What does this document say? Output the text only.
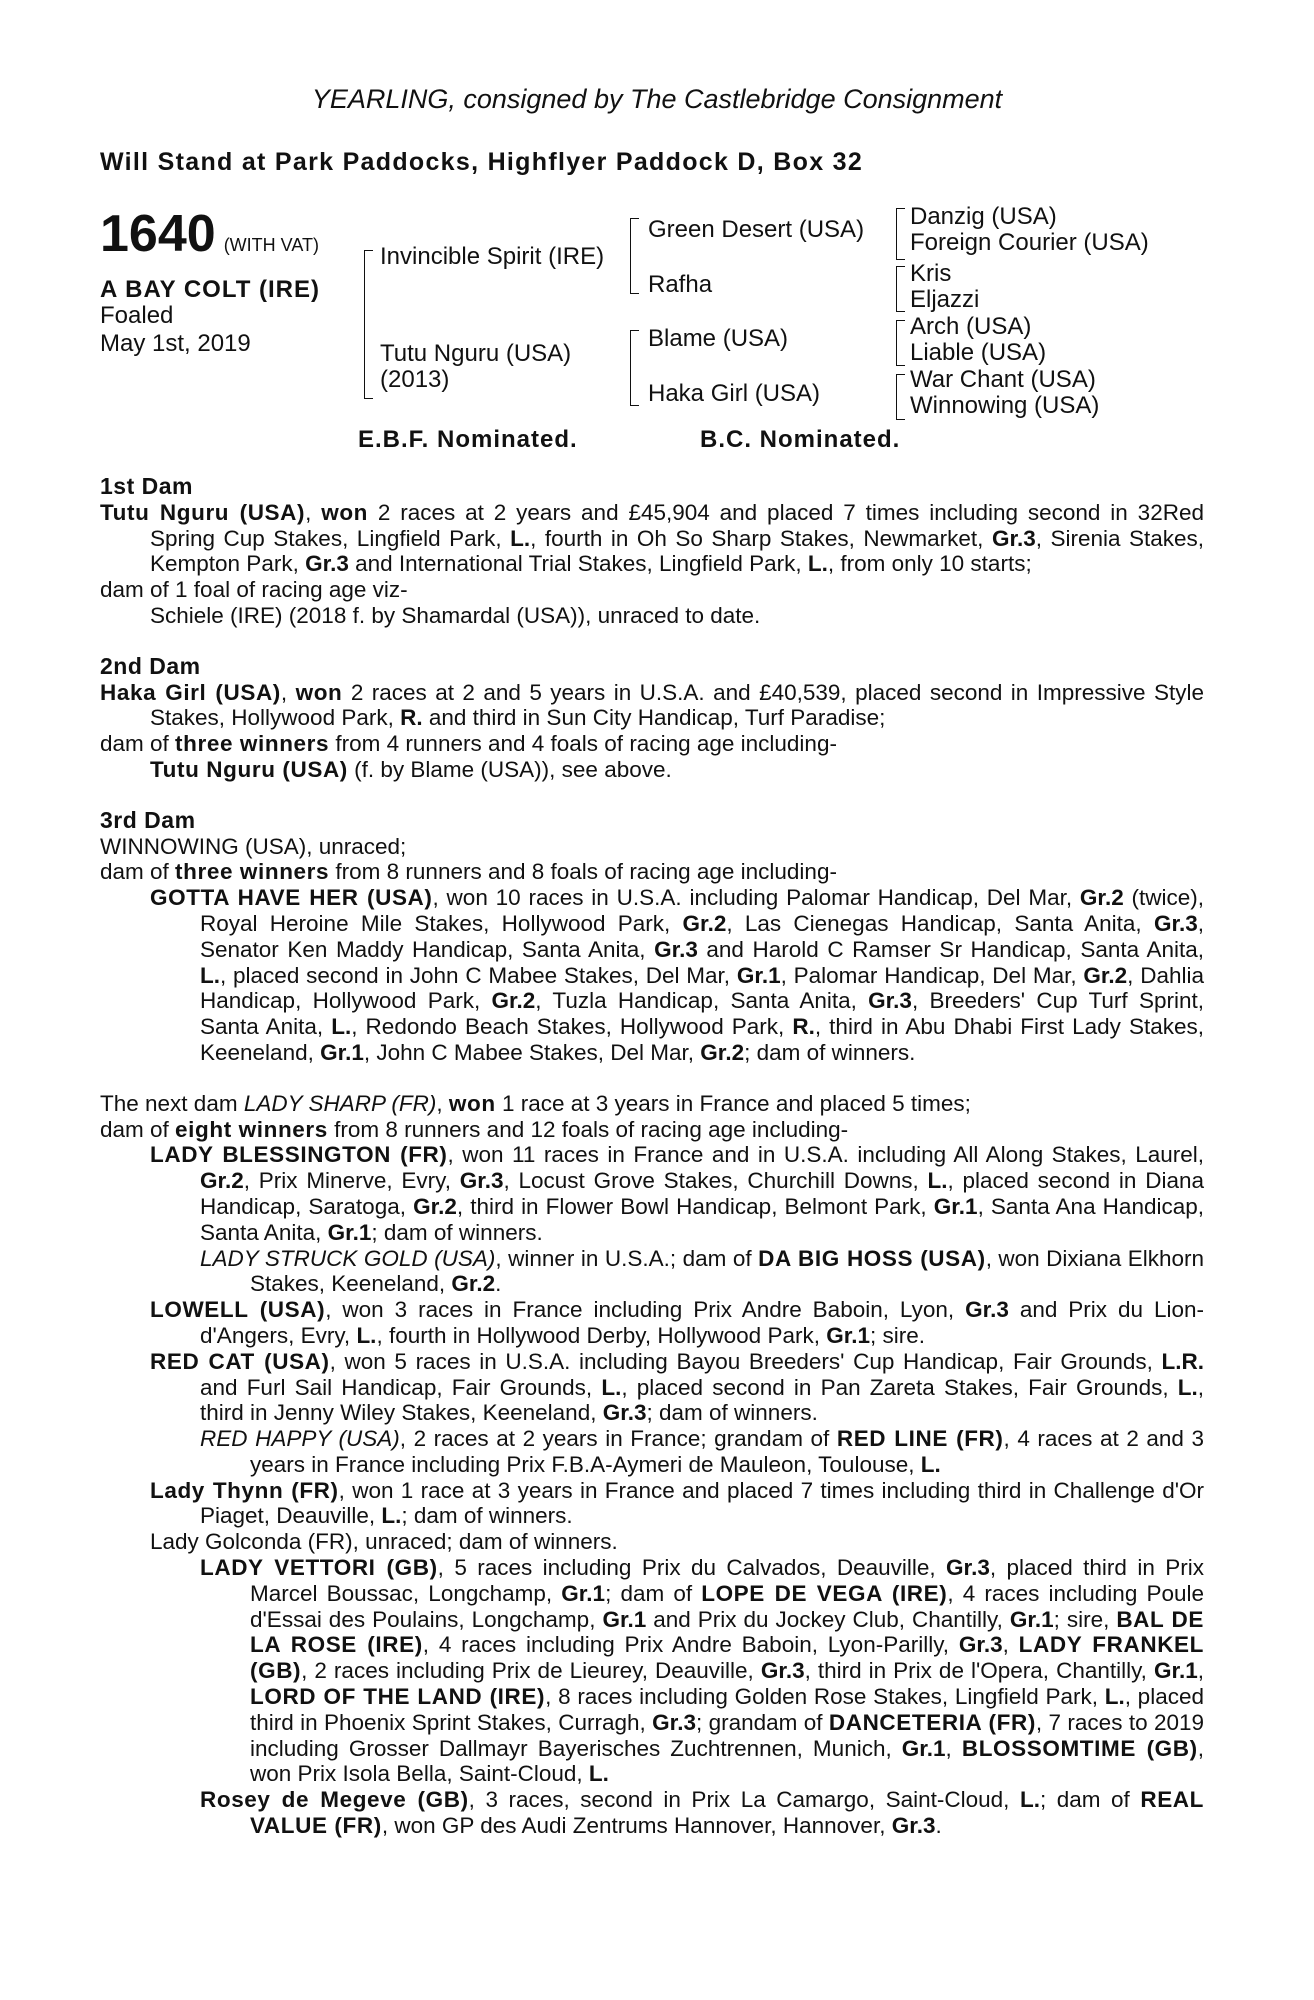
YEARLING, consigned by The Castlebridge Consignment
Will Stand at Park Paddocks, Highflyer Paddock D, Box 32
1640 (WITH VAT)
A BAY COLT (IRE)
Foaled
May 1st, 2019
Invincible Spirit (IRE)
Tutu Nguru (USA)
(2013)
Green Desert (USA)
Rafha
Blame (USA)
Haka Girl (USA)
Danzig (USA)
Foreign Courier (USA)
Kris
Eljazzi
Arch (USA)
Liable (USA)
War Chant (USA)
Winnowing (USA)
E.B.F. Nominated.	B.C. Nominated.

1st Dam

Tutu Nguru (USA), won 2 races at 2 years and £45,904 and placed 7 times including second in 32Red Spring Cup Stakes, Lingfield Park, L., fourth in Oh So Sharp Stakes, Newmarket, Gr.3, Sirenia Stakes, Kempton Park, Gr.3 and International Trial Stakes, Lingfield Park, L., from only 10 starts;

dam of 1 foal of racing age viz-

Schiele (IRE) (2018 f. by Shamardal (USA)), unraced to date.

2nd Dam

Haka Girl (USA), won 2 races at 2 and 5 years in U.S.A. and £40,539, placed second in Impressive Style Stakes, Hollywood Park, R. and third in Sun City Handicap, Turf Paradise;

dam of three winners from 4 runners and 4 foals of racing age including-

Tutu Nguru (USA) (f. by Blame (USA)), see above.

3rd Dam

WINNOWING (USA), unraced;

dam of three winners from 8 runners and 8 foals of racing age including-

GOTTA HAVE HER (USA), won 10 races in U.S.A. including Palomar Handicap, Del Mar, Gr.2 (twice), Royal Heroine Mile Stakes, Hollywood Park, Gr.2, Las Cienegas Handicap, Santa Anita, Gr.3, Senator Ken Maddy Handicap, Santa Anita, Gr.3 and Harold C Ramser Sr Handicap, Santa Anita, L., placed second in John C Mabee Stakes, Del Mar, Gr.1, Palomar Handicap, Del Mar, Gr.2, Dahlia Handicap, Hollywood Park, Gr.2, Tuzla Handicap, Santa Anita, Gr.3, Breeders' Cup Turf Sprint, Santa Anita, L., Redondo Beach Stakes, Hollywood Park, R., third in Abu Dhabi First Lady Stakes, Keeneland, Gr.1, John C Mabee Stakes, Del Mar, Gr.2; dam of winners.

The next dam LADY SHARP (FR), won 1 race at 3 years in France and placed 5 times;

dam of eight winners from 8 runners and 12 foals of racing age including-

LADY BLESSINGTON (FR), won 11 races in France and in U.S.A. including All Along Stakes, Laurel, Gr.2, Prix Minerve, Evry, Gr.3, Locust Grove Stakes, Churchill Downs, L., placed second in Diana Handicap, Saratoga, Gr.2, third in Flower Bowl Handicap, Belmont Park, Gr.1, Santa Ana Handicap, Santa Anita, Gr.1; dam of winners.

LADY STRUCK GOLD (USA), winner in U.S.A.; dam of DA BIG HOSS (USA), won Dixiana Elkhorn Stakes, Keeneland, Gr.2.

LOWELL (USA), won 3 races in France including Prix Andre Baboin, Lyon, Gr.3 and Prix du Lion-d'Angers, Evry, L., fourth in Hollywood Derby, Hollywood Park, Gr.1; sire.

RED CAT (USA), won 5 races in U.S.A. including Bayou Breeders' Cup Handicap, Fair Grounds, L.R. and Furl Sail Handicap, Fair Grounds, L., placed second in Pan Zareta Stakes, Fair Grounds, L., third in Jenny Wiley Stakes, Keeneland, Gr.3; dam of winners.

RED HAPPY (USA), 2 races at 2 years in France; grandam of RED LINE (FR), 4 races at 2 and 3 years in France including Prix F.B.A-Aymeri de Mauleon, Toulouse, L.

Lady Thynn (FR), won 1 race at 3 years in France and placed 7 times including third in Challenge d'Or Piaget, Deauville, L.; dam of winners.

Lady Golconda (FR), unraced; dam of winners.

LADY VETTORI (GB), 5 races including Prix du Calvados, Deauville, Gr.3, placed third in Prix Marcel Boussac, Longchamp, Gr.1; dam of LOPE DE VEGA (IRE), 4 races including Poule d'Essai des Poulains, Longchamp, Gr.1 and Prix du Jockey Club, Chantilly, Gr.1; sire, BAL DE LA ROSE (IRE), 4 races including Prix Andre Baboin, Lyon-Parilly, Gr.3, LADY FRANKEL (GB), 2 races including Prix de Lieurey, Deauville, Gr.3, third in Prix de l'Opera, Chantilly, Gr.1, LORD OF THE LAND (IRE), 8 races including Golden Rose Stakes, Lingfield Park, L., placed third in Phoenix Sprint Stakes, Curragh, Gr.3; grandam of DANCETERIA (FR), 7 races to 2019 including Grosser Dallmayr Bayerisches Zuchtrennen, Munich, Gr.1, BLOSSOMTIME (GB), won Prix Isola Bella, Saint-Cloud, L.

Rosey de Megeve (GB), 3 races, second in Prix La Camargo, Saint-Cloud, L.; dam of REAL VALUE (FR), won GP des Audi Zentrums Hannover, Hannover, Gr.3.
